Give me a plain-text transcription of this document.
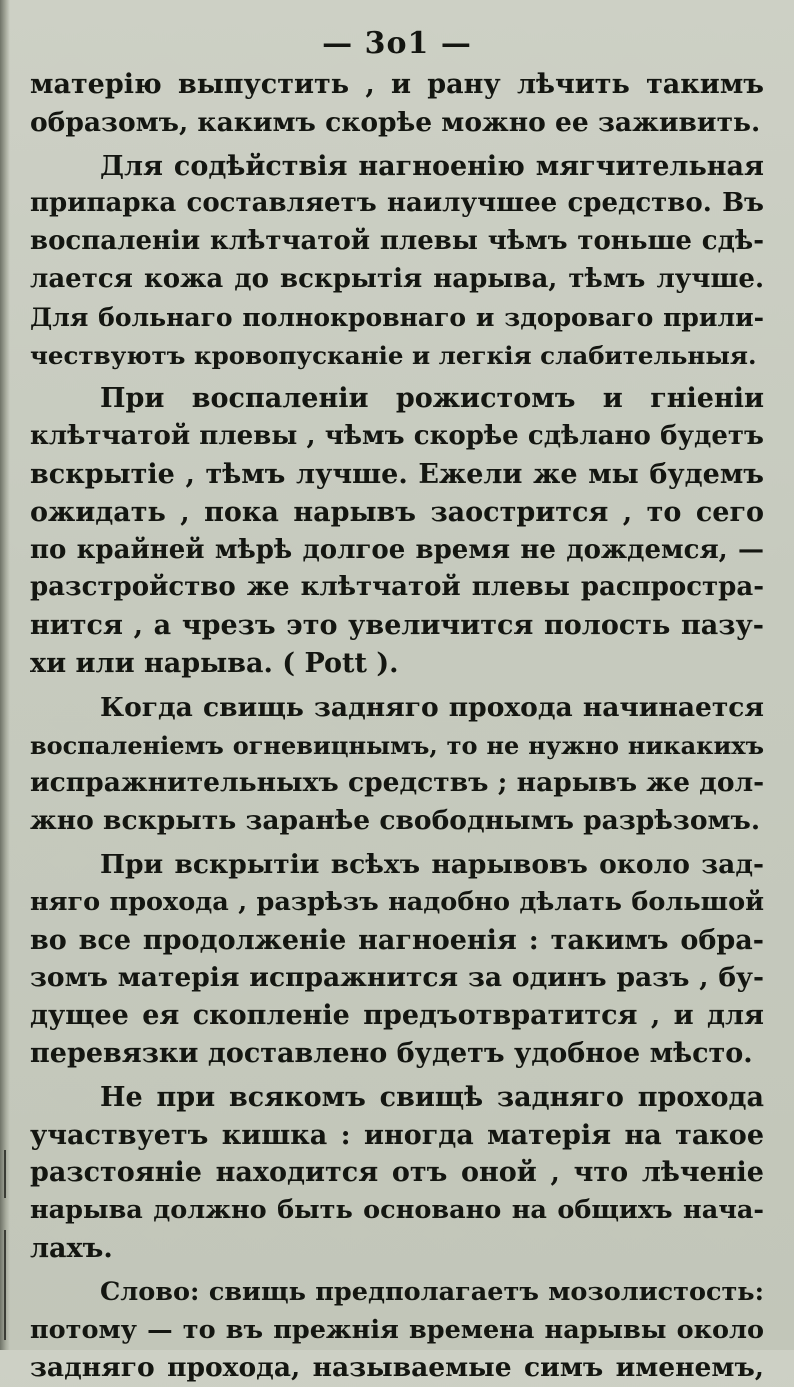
— 3о1 —
матерію выпустить , и рану лѣчить такимъ
образомъ, какимъ скорѣе можно ее заживить.
Для содѣйствія нагноенію мягчительная
припарка составляетъ наилучшее средство. Въ
воспаленіи клѣтчатой плевы чѣмъ тоньше сдѣ-
лается кожа до вскрытія нарыва, тѣмъ лучше.
Для больнаго полнокровнаго и здороваго прили-
чествуютъ кровопусканіе и легкія слабительныя.
При воспаленіи рожистомъ и гніеніи
клѣтчатой плевы , чѣмъ скорѣе сдѣлано будетъ
вскрытіе , тѣмъ лучше. Ежели же мы будемъ
ожидать , пока нарывъ заострится , то сего
по крайней мѣрѣ долгое время не дождемся, —
разстройство же клѣтчатой плевы распростра-
нится , а чрезъ это увеличится полость пазу-
хи или нарыва. ( Pott ).
Когда свищь задняго прохода начинается
воспаленіемъ огневицнымъ, то не нужно никакихъ
испражнительныхъ средствъ ; нарывъ же дол-
жно вскрыть заранѣе свободнымъ разрѣзомъ.
При вскрытіи всѣхъ нарывовъ около зад-
няго прохода , разрѣзъ надобно дѣлать большой
во все продолженіе нагноенія : такимъ обра-
зомъ матерія испражнится за одинъ разъ , бу-
дущее ея скопленіе предъотвратится , и для
перевязки доставлено будетъ удобное мѣсто.
Не при всякомъ свищѣ задняго прохода
участвуетъ кишка : иногда матерія на такое
разстояніе находится отъ оной , что лѣченіе
нарыва должно быть основано на общихъ нача-
лахъ.
Слово: свищь предполагаетъ мозолистость:
потому — то въ прежнія времена нарывы около
задняго прохода, называемые симъ именемъ,
